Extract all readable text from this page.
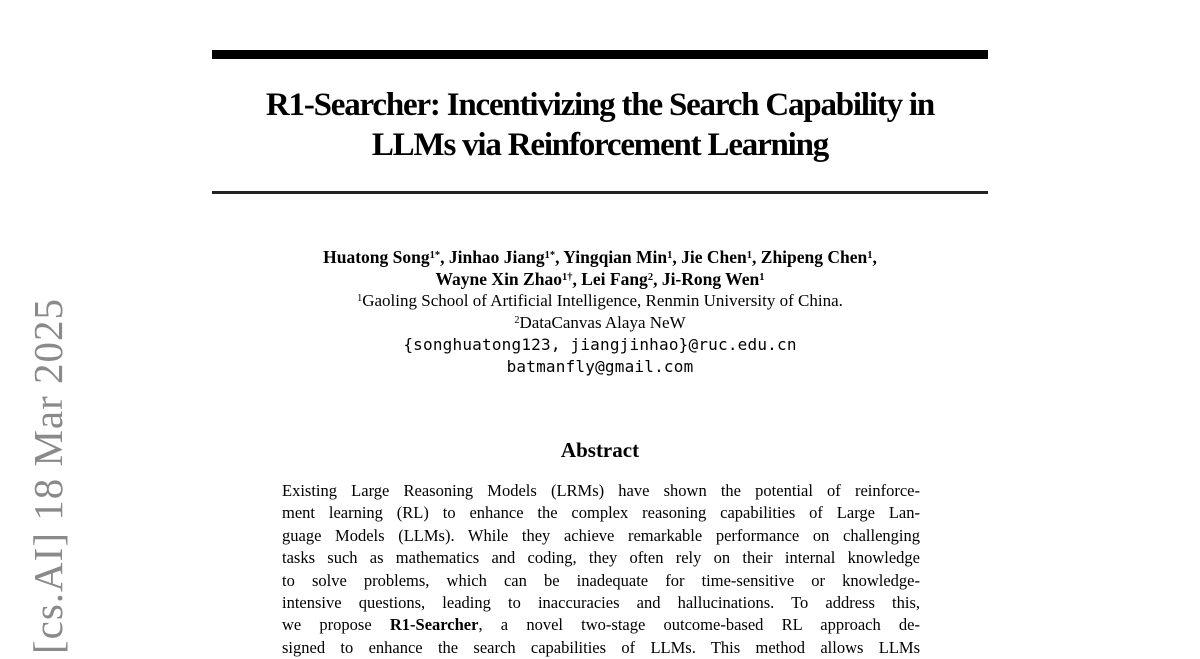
[cs.AI] 18 Mar 2025
R1-Searcher: Incentivizing the Search Capability in
LLMs via Reinforcement Learning
Huatong Song$^{1*}$, Jinhao Jiang$^{1*}$, Yingqian Min$^1$, Jie Chen$^1$, Zhipeng Chen$^1$,
Wayne Xin Zhao$^{1\dagger}$, Lei Fang$^2$, Ji-Rong Wen$^1$
$^1$Gaoling School of Artificial Intelligence, Renmin University of China.
$^2$DataCanvas Alaya NeW
{songhuatong123, jiangjinhao}@ruc.edu.cn
batmanfly@gmail.com
Abstract
Existing Large Reasoning Models (LRMs) have shown the potential of reinforce-
ment learning (RL) to enhance the complex reasoning capabilities of Large Lan-
guage Models (LLMs). While they achieve remarkable performance on challenging
tasks such as mathematics and coding, they often rely on their internal knowledge
to solve problems, which can be inadequate for time-sensitive or knowledge-
intensive questions, leading to inaccuracies and hallucinations. To address this,
we propose R1-Searcher, a novel two-stage outcome-based RL approach de-
signed to enhance the search capabilities of LLMs. This method allows LLMs
